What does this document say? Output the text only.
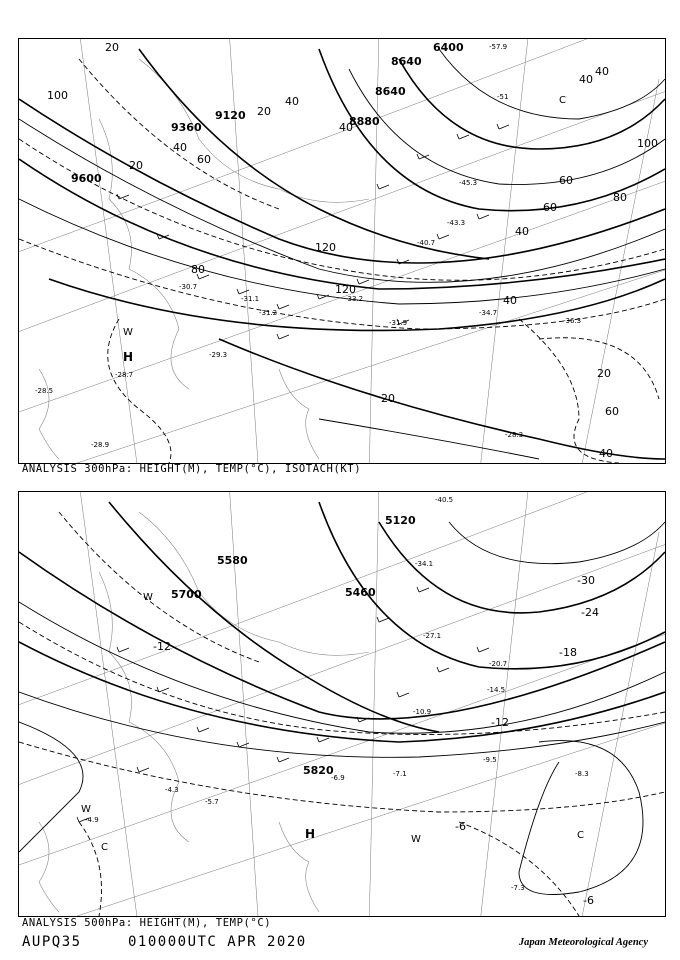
9600
9360
9120	8880
8640
8640
6400
120
100
80
60
40
20
20
40
60
80
100
120
40
40
40
20
20
40
60
40
40
60
20
-28.7
-28.5
-31.1
-31.9
-34.7
-36.3
-28.3
-29.3
-30.7
-28.9
-31.2
-33.2
-40.7
-43.3
-45.3
-51
-57.9
H
W
C
ANALYSIS 300hPa: HEIGHT(M), TEMP(°C), ISOTACH(KT)
5700
5580
5460
5120
5820
-30
-24
-18
-12
-12
-6
-6
-8.3
-7.3
-9.5
-7.1
-6.9
-5.7
-4.3
-4.9
-10.9
-14.5
-20.7
-27.1
-34.1
-40.5
H	W
W
W
C
C
ANALYSIS 500hPa: HEIGHT(M), TEMP(°C)
AUPQ35	010000UTC APR 2020	Japan Meteorological Agency
